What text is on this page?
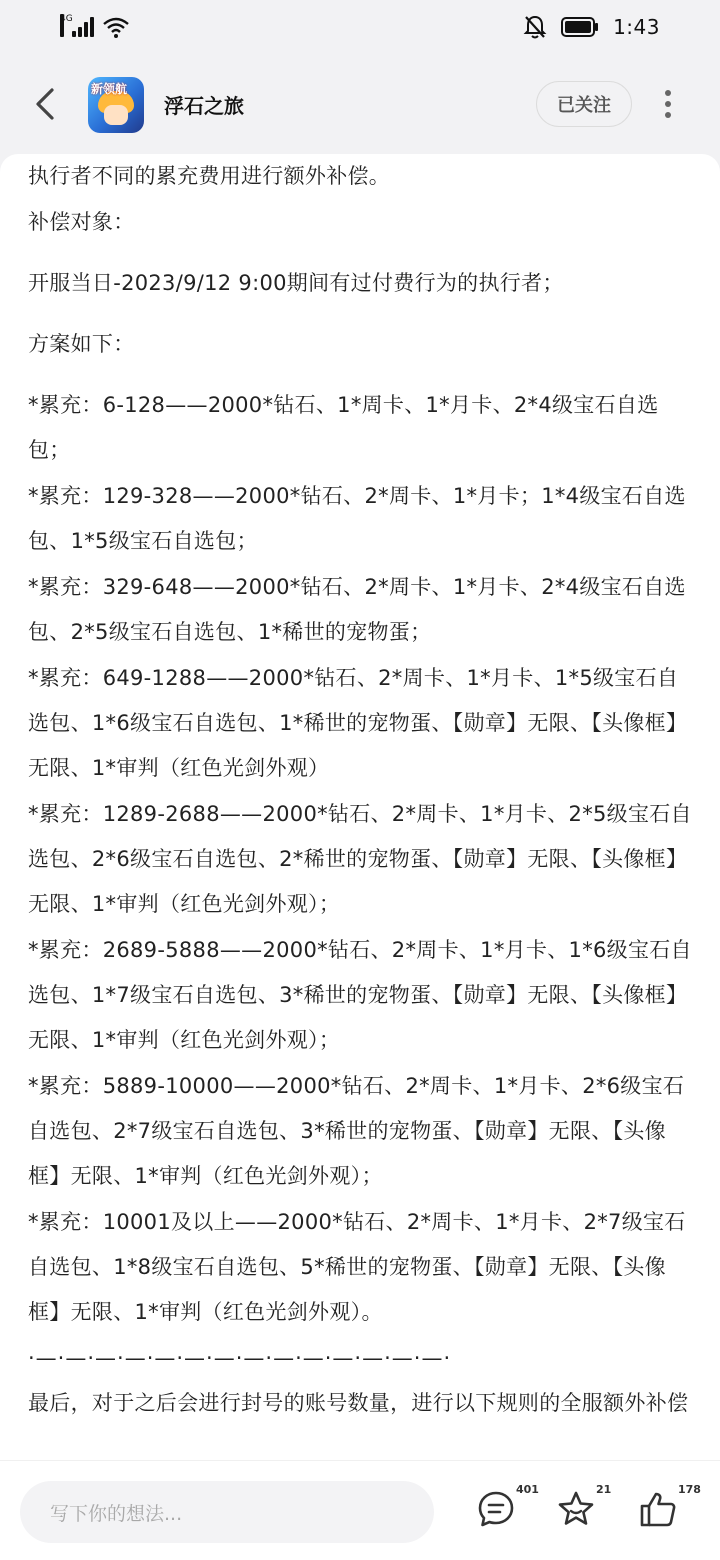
4G	1:43
新领航
浮石之旅	已关注

执行者不同的累充费用进行额外补偿。

补偿对象：

开服当日-2023/9/12 9:00期间有过付费行为的执行者；

方案如下：

*累充：6-128——2000*钻石、1*周卡、1*月卡、2*4级宝石自选包；

*累充：129-328——2000*钻石、2*周卡、1*月卡；1*4级宝石自选包、1*5级宝石自选包；

*累充：329-648——2000*钻石、2*周卡、1*月卡、2*4级宝石自选包、2*5级宝石自选包、1*稀世的宠物蛋；

*累充：649-1288——2000*钻石、2*周卡、1*月卡、1*5级宝石自选包、1*6级宝石自选包、1*稀世的宠物蛋、【勋章】无限、【头像框】无限、1*审判（红色光剑外观）

*累充：1289-2688——2000*钻石、2*周卡、1*月卡、2*5级宝石自选包、2*6级宝石自选包、2*稀世的宠物蛋、【勋章】无限、【头像框】无限、1*审判（红色光剑外观）；

*累充：2689-5888——2000*钻石、2*周卡、1*月卡、1*6级宝石自选包、1*7级宝石自选包、3*稀世的宠物蛋、【勋章】无限、【头像框】无限、1*审判（红色光剑外观）；

*累充：5889-10000——2000*钻石、2*周卡、1*月卡、2*6级宝石自选包、2*7级宝石自选包、3*稀世的宠物蛋、【勋章】无限、【头像框】无限、1*审判（红色光剑外观）；

*累充：10001及以上——2000*钻石、2*周卡、1*月卡、2*7级宝石自选包、1*8级宝石自选包、5*稀世的宠物蛋、【勋章】无限、【头像框】无限、1*审判（红色光剑外观）。

·—·—·—·—·—·—·—·—·—·—·—·—·—·—·

最后，对于之后会进行封号的账号数量，进行以下规则的全服额外补偿

写下你的想法...
401	21	178
